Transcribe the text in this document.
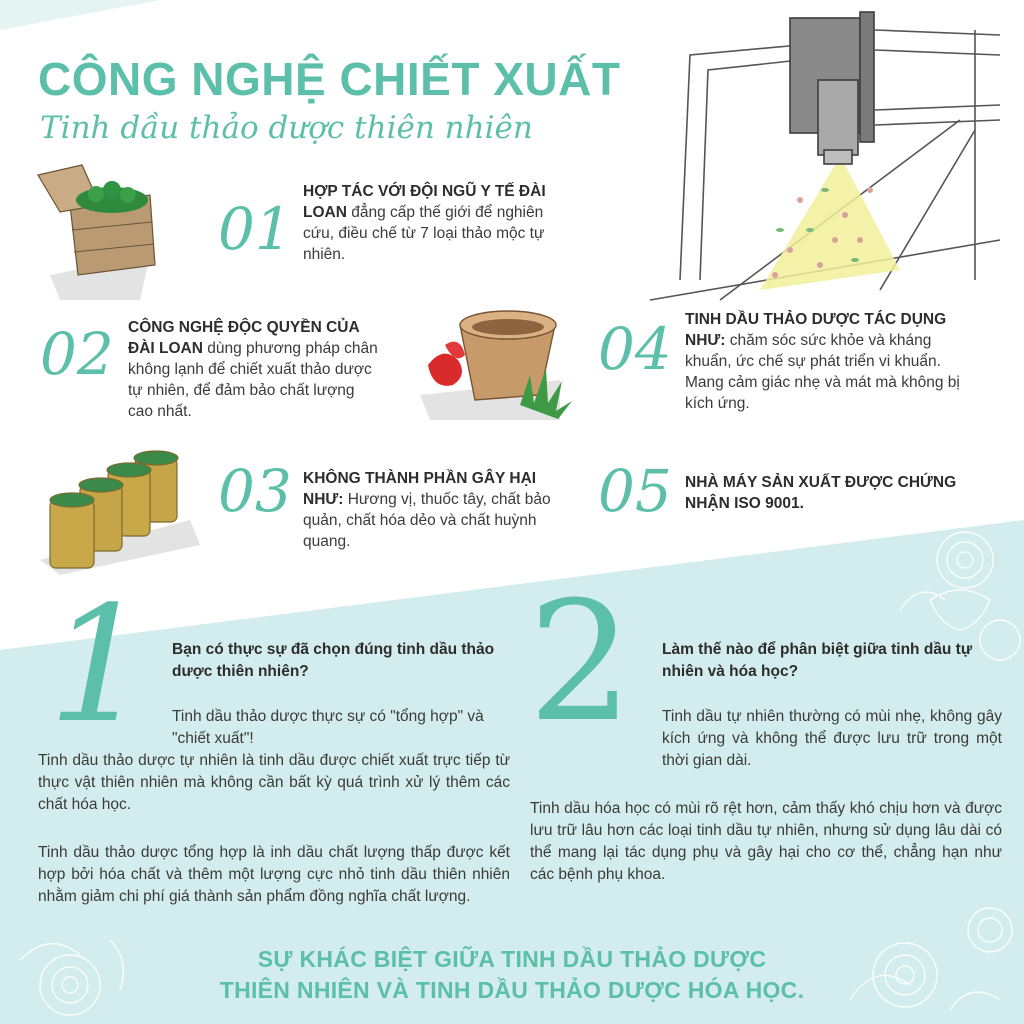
CÔNG NGHỆ CHIẾT XUẤT
Tinh dầu thảo dược thiên nhiên
01
HỢP TÁC VỚI ĐỘI NGŨ Y TẾ ĐÀI LOAN đẳng cấp thế giới để nghiên cứu, điều chế từ 7 loại thảo mộc tự nhiên.
02 CÔNG NGHỆ ĐỘC QUYỀN CỦA ĐÀI LOAN dùng phương pháp chân không lạnh để chiết xuất thảo dược tự nhiên, để đảm bảo chất lượng cao nhất.
03 KHÔNG THÀNH PHẦN GÂY HẠI NHƯ: Hương vị, thuốc tây, chất bảo quản, chất hóa dẻo và chất huỳnh quang.
04 TINH DẦU THẢO DƯỢC TÁC DỤNG NHƯ: chăm sóc sức khỏe và kháng khuẩn, ức chế sự phát triển vi khuẩn. Mang cảm giác nhẹ và mát mà không bị kích ứng.
05 NHÀ MÁY SẢN XUẤT ĐƯỢC CHỨNG NHẬN ISO 9001.
1 Bạn có thực sự đã chọn đúng tinh dầu thảo dược thiên nhiên?
Tinh dầu thảo dược thực sự có "tổng hợp" và "chiết xuất"!
Tinh dầu thảo dược tự nhiên là tinh dầu được chiết xuất trực tiếp từ thực vật thiên nhiên mà không cần bất kỳ quá trình xử lý thêm các chất hóa học.
Tinh dầu thảo dược tổng hợp là inh dầu chất lượng thấp được kết hợp bởi hóa chất và thêm một lượng cực nhỏ tinh dầu thiên nhiên nhằm giảm chi phí giá thành sản phẩm đồng nghĩa chất lượng.
2 Làm thế nào để phân biệt giữa tinh dầu tự nhiên và hóa học?
Tinh dầu tự nhiên thường có mùi nhẹ, không gây kích ứng và không thể được lưu trữ trong một thời gian dài.
Tinh dầu hóa học có mùi rõ rệt hơn, cảm thấy khó chịu hơn và được lưu trữ lâu hơn các loại tinh dầu tự nhiên, nhưng sử dụng lâu dài có thể mang lại tác dụng phụ và gây hại cho cơ thể, chẳng hạn như các bệnh phụ khoa.
SỰ KHÁC BIỆT GIỮA TINH DẦU THẢO DƯỢC
THIÊN NHIÊN VÀ TINH DẦU THẢO DƯỢC HÓA HỌC.
